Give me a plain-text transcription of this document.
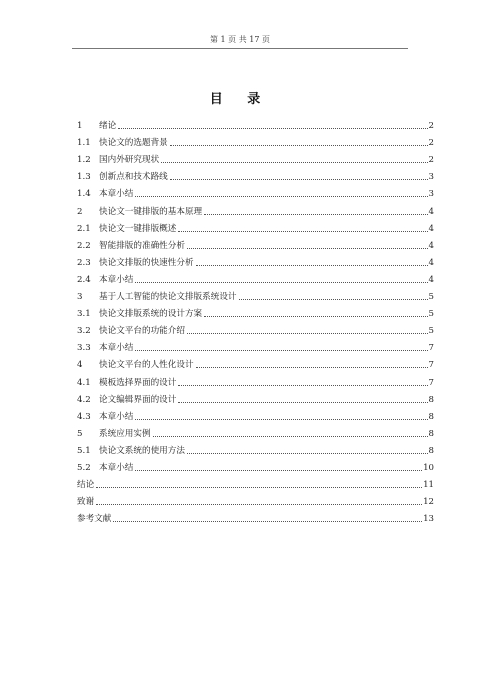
第 1 页 共 17 页
目 录
1	绪论	2
1.1 快论文的选题背景	2
1.2 国内外研究现状	2
1.3 创新点和技术路线	3
1.4 本章小结	3
2	快论文一键排版的基本原理	4
2.1 快论文一键排版概述	4
2.2 智能排版的准确性分析	4
2.3 快论文排版的快速性分析	4
2.4 本章小结	4
3	基于人工智能的快论文排版系统设计	5
3.1 快论文排版系统的设计方案	5
3.2 快论文平台的功能介绍	5
3.3 本章小结	7
4	快论文平台的人性化设计	7
4.1 模板选择界面的设计	7
4.2 论文编辑界面的设计	8
4.3 本章小结	8
5	系统应用实例	8
5.1 快论文系统的使用方法	8
5.2 本章小结	10
结论	11
致谢	12
参考文献	13
